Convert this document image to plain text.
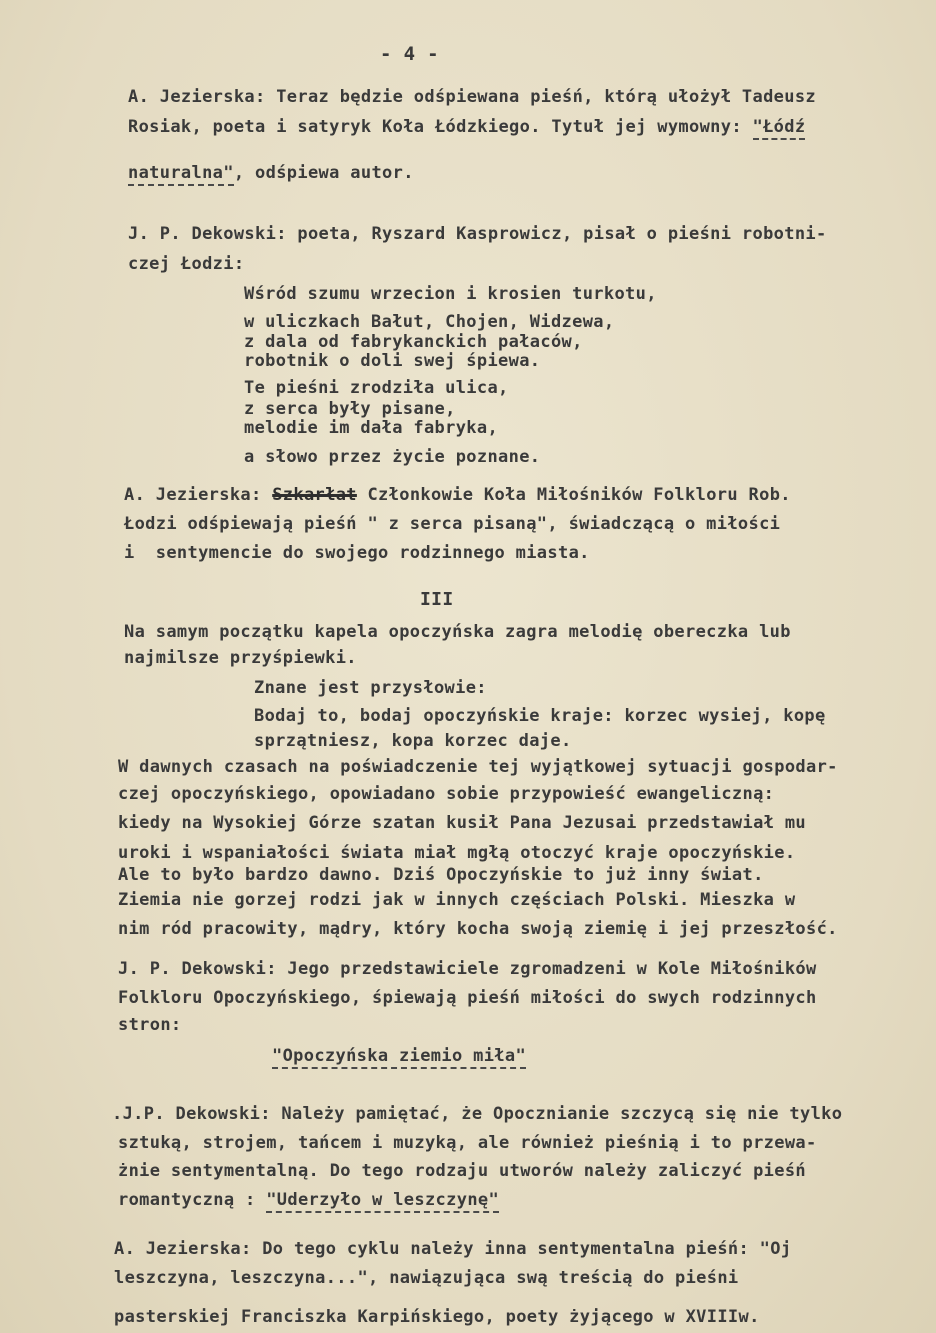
- 4 -
A. Jezierska: Teraz będzie odśpiewana pieśń, którą ułożył Tadeusz
Rosiak, poeta i satyryk Koła Łódzkiego. Tytuł jej wymowny: "Łódź
naturalna", odśpiewa autor.
J. P. Dekowski: poeta, Ryszard Kasprowicz, pisał o pieśni robotni-
czej Łodzi:
Wśród szumu wrzecion i krosien turkotu,
w uliczkach Bałut, Chojen, Widzewa,
z dala od fabrykanckich pałaców,
robotnik o doli swej śpiewa.
Te pieśni zrodziła ulica,
z serca były pisane,
melodie im dała fabryka,
a słowo przez życie poznane.
A. Jezierska: Szkarłat Członkowie Koła Miłośników Folkloru Rob.
Łodzi odśpiewają pieśń " z serca pisaną", świadczącą o miłości
i  sentymencie do swojego rodzinnego miasta.
III
Na samym początku kapela opoczyńska zagra melodię obereczka lub
najmilsze przyśpiewki.
Znane jest przysłowie:
Bodaj to, bodaj opoczyńskie kraje: korzec wysiej, kopę
sprzątniesz, kopa korzec daje.
W dawnych czasach na poświadczenie tej wyjątkowej sytuacji gospodar-
czej opoczyńskiego, opowiadano sobie przypowieść ewangeliczną:
kiedy na Wysokiej Górze szatan kusił Pana Jezusai przedstawiał mu
uroki i wspaniałości świata miał mgłą otoczyć kraje opoczyńskie.
Ale to było bardzo dawno. Dziś Opoczyńskie to już inny świat.
Ziemia nie gorzej rodzi jak w innych częściach Polski. Mieszka w
nim ród pracowity, mądry, który kocha swoją ziemię i jej przeszłość.
J. P. Dekowski: Jego przedstawiciele zgromadzeni w Kole Miłośników
Folkloru Opoczyńskiego, śpiewają pieśń miłości do swych rodzinnych
stron:
"Opoczyńska ziemio miła"
.J.P. Dekowski: Należy pamiętać, że Opocznianie szczycą się nie tylko
sztuką, strojem, tańcem i muzyką, ale również pieśnią i to przewa-
żnie sentymentalną. Do tego rodzaju utworów należy zaliczyć pieśń
romantyczną : "Uderzyło w leszczynę"
A. Jezierska: Do tego cyklu należy inna sentymentalna pieśń: "Oj
leszczyna, leszczyna...", nawiązująca swą treścią do pieśni
pasterskiej Franciszka Karpińskiego, poety żyjącego w XVIIIw.
